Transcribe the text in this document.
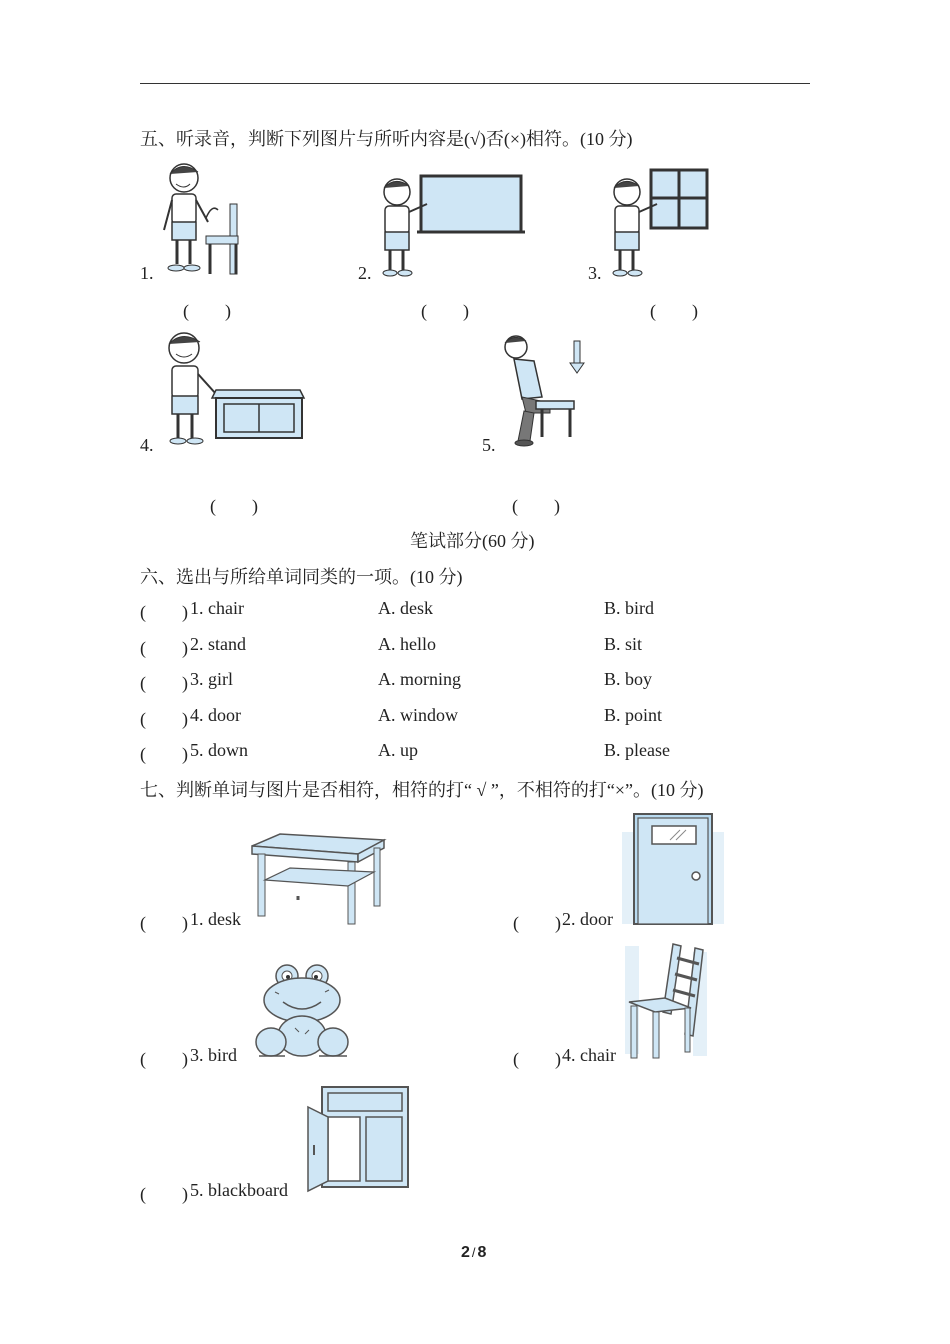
五、听录音，判断下列图片与所听内容是(√)否(×)相符。(10 分)
1.
(　　)
2.
(　　)
3.
(　　)
4.
(　　)
5.
(　　)
笔试部分(60 分)
六、选出与所给单词同类的一项。(10 分)
(　　) 1. chair	A. desk	B. bird
(　　) 2. stand	A. hello	B. sit
(　　) 3. girl	A. morning	B. boy
(　　) 4. door	A. window	B. point
(　　) 5. down	A. up	B. please
七、判断单词与图片是否相符，相符的打“ √ ”，不相符的打“×”。(10 分)
(　　) 1. desk	(　　) 2. door
(　　) 3. bird	(　　) 4. chair
(　　) 5. blackboard
2 / 8
